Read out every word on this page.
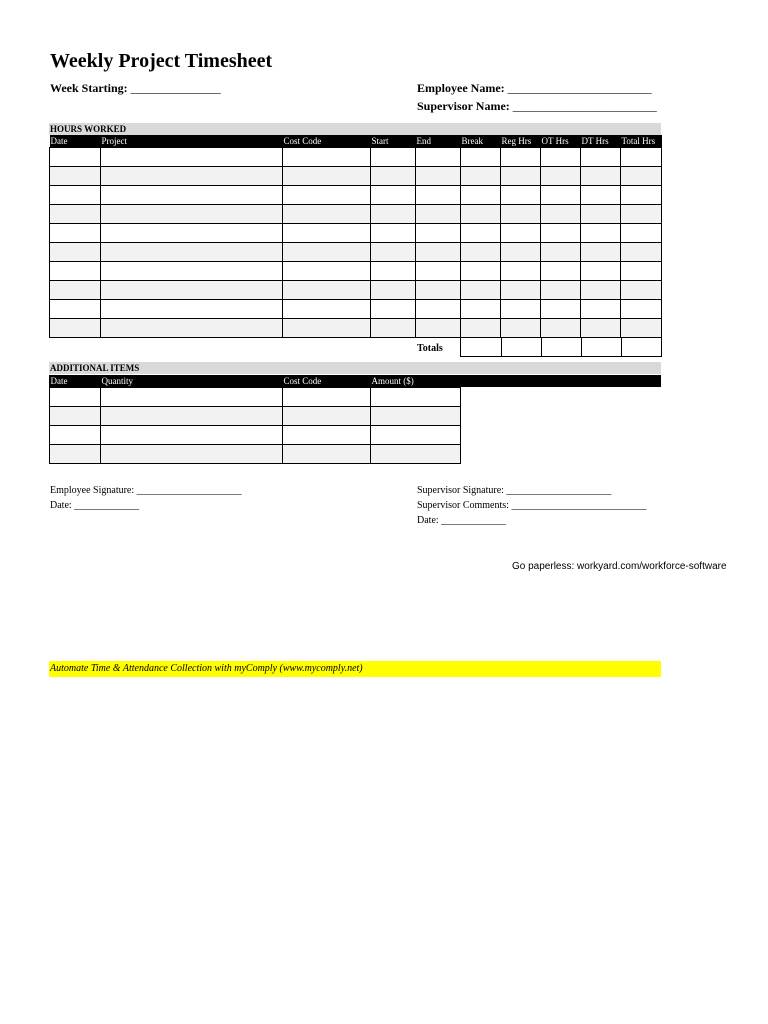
Weekly Project Timesheet
Week Starting: _______________	Employee Name: ________________________
Supervisor Name: ________________________
HOURS WORKED
Date	Project	Cost Code	Start	End	Break	Reg Hrs	OT Hrs	DT Hrs	Total Hrs

Totals

ADDITIONAL ITEMS
Date	Quantity	Cost Code	Amount ($)

Employee Signature: _____________________
Date: _____________
Supervisor Signature: _____________________
Supervisor Comments: ___________________________
Date: _____________
Go paperless: workyard.com/workforce-software
Automate Time & Attendance Collection with myComply (www.mycomply.net)
